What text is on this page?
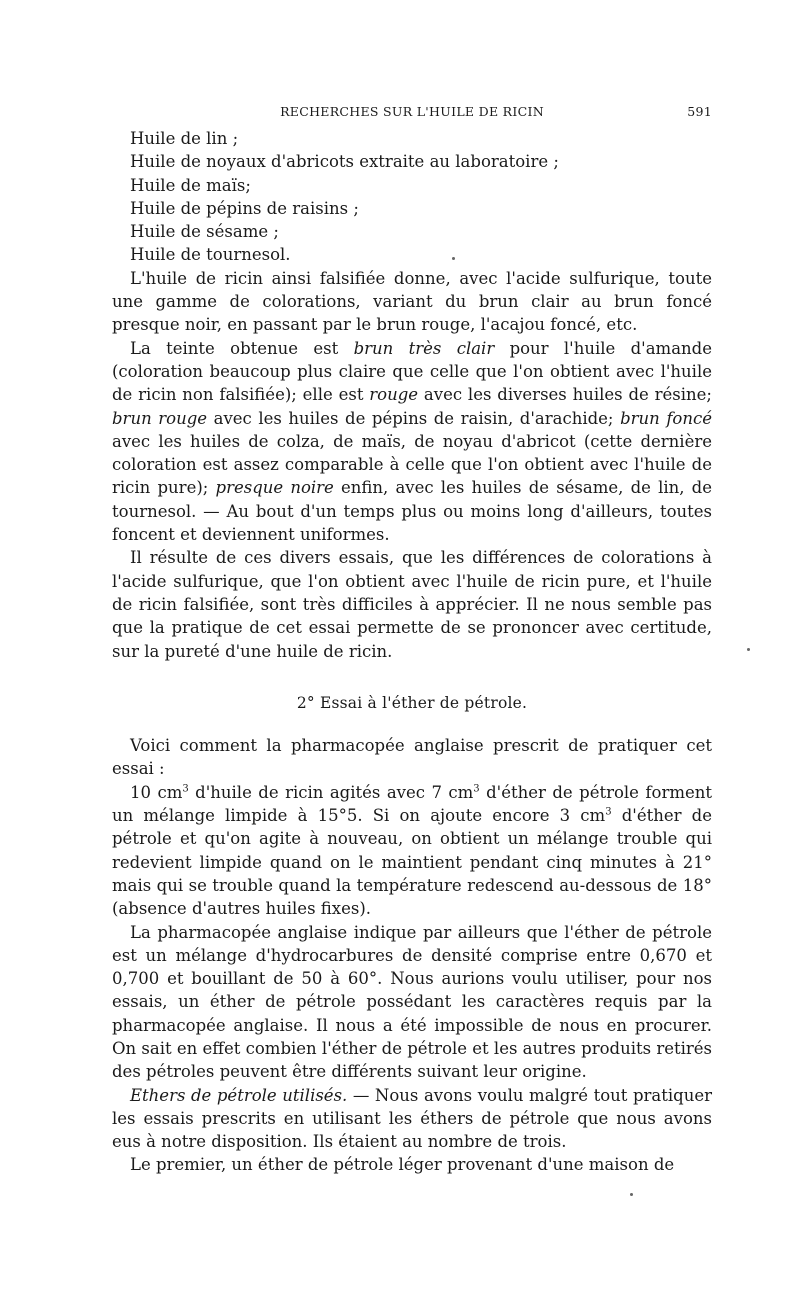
RECHERCHES SUR L'HUILE DE RICIN	591

Huile de lin ;

Huile de noyaux d'abricots extraite au laboratoire ;

Huile de maïs;

Huile de pépins de raisins ;

Huile de sésame ;

Huile de tournesol.

L'huile de ricin ainsi falsifiée donne, avec l'acide sulfurique, toute une gamme de colorations, variant du brun clair au brun foncé presque noir, en passant par le brun rouge, l'acajou foncé, etc.

La teinte obtenue est brun très clair pour l'huile d'amande (coloration beaucoup plus claire que celle que l'on obtient avec l'huile de ricin non falsifiée); elle est rouge avec les diverses huiles de résine; brun rouge avec les huiles de pépins de raisin, d'arachide; brun foncé avec les huiles de colza, de maïs, de noyau d'abricot (cette dernière coloration est assez comparable à celle que l'on obtient avec l'huile de ricin pure); presque noire enfin, avec les huiles de sésame, de lin, de tournesol. — Au bout d'un temps plus ou moins long d'ailleurs, toutes foncent et deviennent uniformes.

Il résulte de ces divers essais, que les différences de colorations à l'acide sulfurique, que l'on obtient avec l'huile de ricin pure, et l'huile de ricin falsifiée, sont très difficiles à apprécier. Il ne nous semble pas que la pratique de cet essai permette de se prononcer avec certitude, sur la pureté d'une huile de ricin.

2° Essai à l'éther de pétrole.

Voici comment la pharmacopée anglaise prescrit de pratiquer cet essai :

10 $cm^3$ d'huile de ricin agités avec 7 $cm^3$ d'éther de pétrole forment un mélange limpide à 15°5. Si on ajoute encore 3 $cm^3$ d'éther de pétrole et qu'on agite à nouveau, on obtient un mélange trouble qui redevient limpide quand on le maintient pendant cinq minutes à 21° mais qui se trouble quand la température redescend au-dessous de 18° (absence d'autres huiles fixes).

La pharmacopée anglaise indique par ailleurs que l'éther de pétrole est un mélange d'hydrocarbures de densité comprise entre 0,670 et 0,700 et bouillant de 50 à 60°. Nous aurions voulu utiliser, pour nos essais, un éther de pétrole possédant les caractères requis par la pharmacopée anglaise. Il nous a été impossible de nous en procurer. On sait en effet combien l'éther de pétrole et les autres produits retirés des pétroles peuvent être différents suivant leur origine.

Ethers de pétrole utilisés. — Nous avons voulu malgré tout pratiquer les essais prescrits en utilisant les éthers de pétrole que nous avons eus à notre disposition. Ils étaient au nombre de trois.

Le premier, un éther de pétrole léger provenant d'une maison de
